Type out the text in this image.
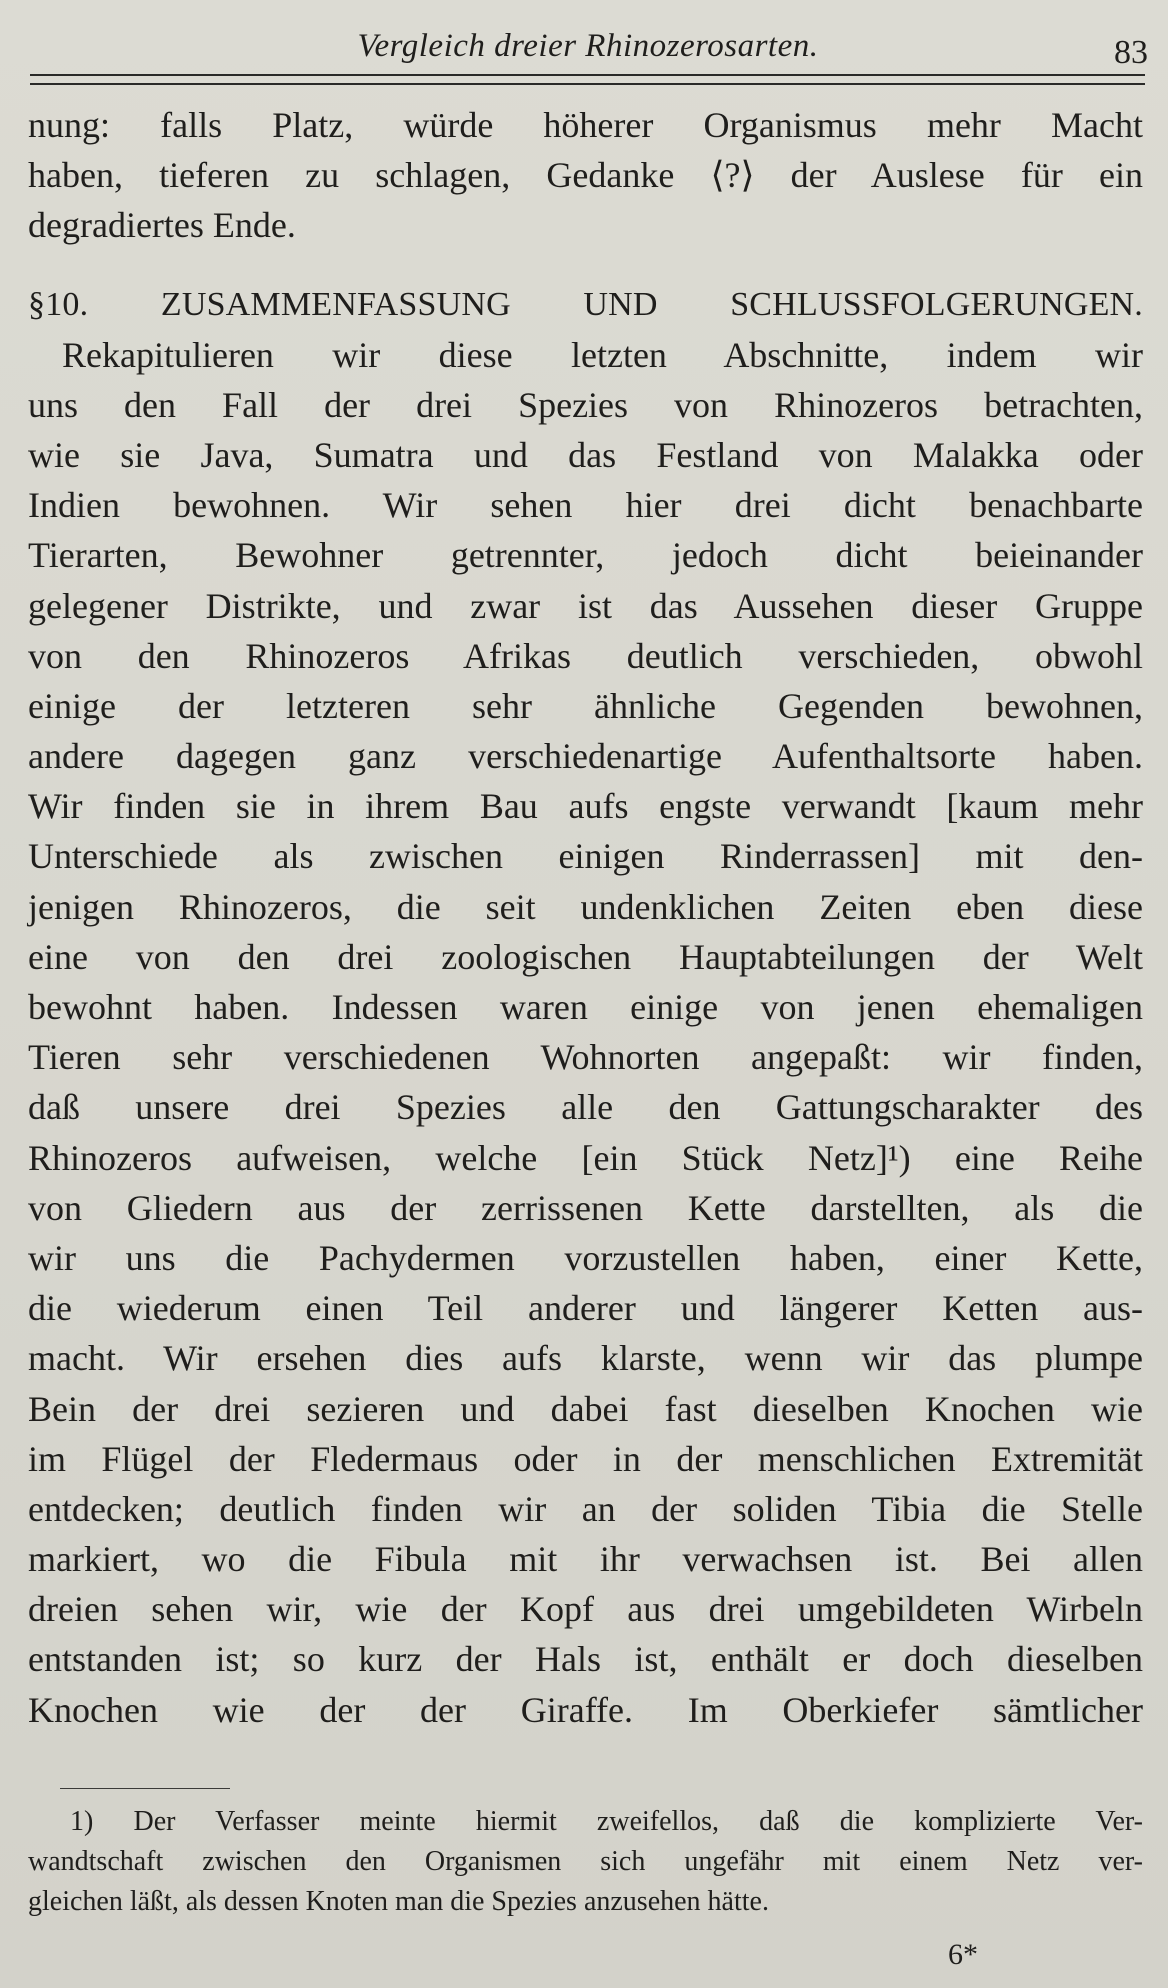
Vergleich dreier Rhinozerosarten.	83
nung: falls Platz, würde höherer Organismus mehr Macht
haben, tieferen zu schlagen, Gedanke ⟨?⟩ der Auslese für ein
degradiertes Ende.
§10. ZUSAMMENFASSUNG UND SCHLUSSFOLGERUNGEN.
Rekapitulieren wir diese letzten Abschnitte, indem wir
uns den Fall der drei Spezies von Rhinozeros betrachten,
wie sie Java, Sumatra und das Festland von Malakka oder
Indien bewohnen. Wir sehen hier drei dicht benachbarte
Tierarten, Bewohner getrennter, jedoch dicht beieinander
gelegener Distrikte, und zwar ist das Aussehen dieser Gruppe
von den Rhinozeros Afrikas deutlich verschieden, obwohl
einige der letzteren sehr ähnliche Gegenden bewohnen,
andere dagegen ganz verschiedenartige Aufenthaltsorte haben.
Wir finden sie in ihrem Bau aufs engste verwandt [kaum mehr
Unterschiede als zwischen einigen Rinderrassen] mit den-
jenigen Rhinozeros, die seit undenklichen Zeiten eben diese
eine von den drei zoologischen Hauptabteilungen der Welt
bewohnt haben. Indessen waren einige von jenen ehemaligen
Tieren sehr verschiedenen Wohnorten angepaßt: wir finden,
daß unsere drei Spezies alle den Gattungscharakter des
Rhinozeros aufweisen, welche [ein Stück Netz]¹) eine Reihe
von Gliedern aus der zerrissenen Kette darstellten, als die
wir uns die Pachydermen vorzustellen haben, einer Kette,
die wiederum einen Teil anderer und längerer Ketten aus-
macht. Wir ersehen dies aufs klarste, wenn wir das plumpe
Bein der drei sezieren und dabei fast dieselben Knochen wie
im Flügel der Fledermaus oder in der menschlichen Extremität
entdecken; deutlich finden wir an der soliden Tibia die Stelle
markiert, wo die Fibula mit ihr verwachsen ist. Bei allen
dreien sehen wir, wie der Kopf aus drei umgebildeten Wirbeln
entstanden ist; so kurz der Hals ist, enthält er doch dieselben
Knochen wie der der Giraffe. Im Oberkiefer sämtlicher
1) Der Verfasser meinte hiermit zweifellos, daß die komplizierte Ver-
wandtschaft zwischen den Organismen sich ungefähr mit einem Netz ver-
gleichen läßt, als dessen Knoten man die Spezies anzusehen hätte.
6*
